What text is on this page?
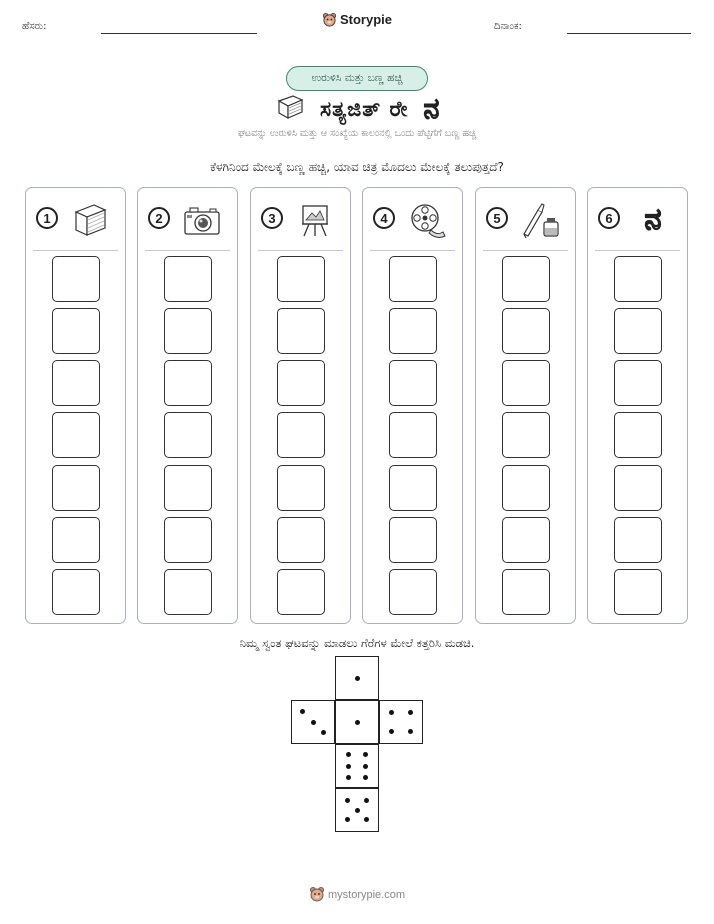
ಹೆಸರು:	Storypie	ದಿನಾಂಕ:
ಉರುಳಿಸಿ ಮತ್ತು ಬಣ್ಣ ಹಚ್ಚಿ
ಸತ್ಯಜಿತ್ ರೇ ನ
ಘಟವನ್ನು ಉರುಳಿಸಿ ಮತ್ತು ಆ ಸಂಖ್ಯೆಯ ಕಾಲಂನಲ್ಲಿ ಒಂದು ಪೆಟ್ಟಿಗೆಗೆ ಬಣ್ಣ ಹಚ್ಚಿ
ಕೆಳಗಿನಿಂದ ಮೇಲಕ್ಕೆ ಬಣ್ಣ ಹಚ್ಚಿ, ಯಾವ ಚಿತ್ರ ಮೊದಲು ಮೇಲಕ್ಕೆ ತಲುಪುತ್ತದೆ?
1	2	3	4	5	6	ನ
ನಿಮ್ಮ ಸ್ವಂತ ಘಟವನ್ನು ಮಾಡಲು ಗೆರೆಗಳ ಮೇಲೆ ಕತ್ತರಿಸಿ ಮಡಚಿ.
mystorypie.com
